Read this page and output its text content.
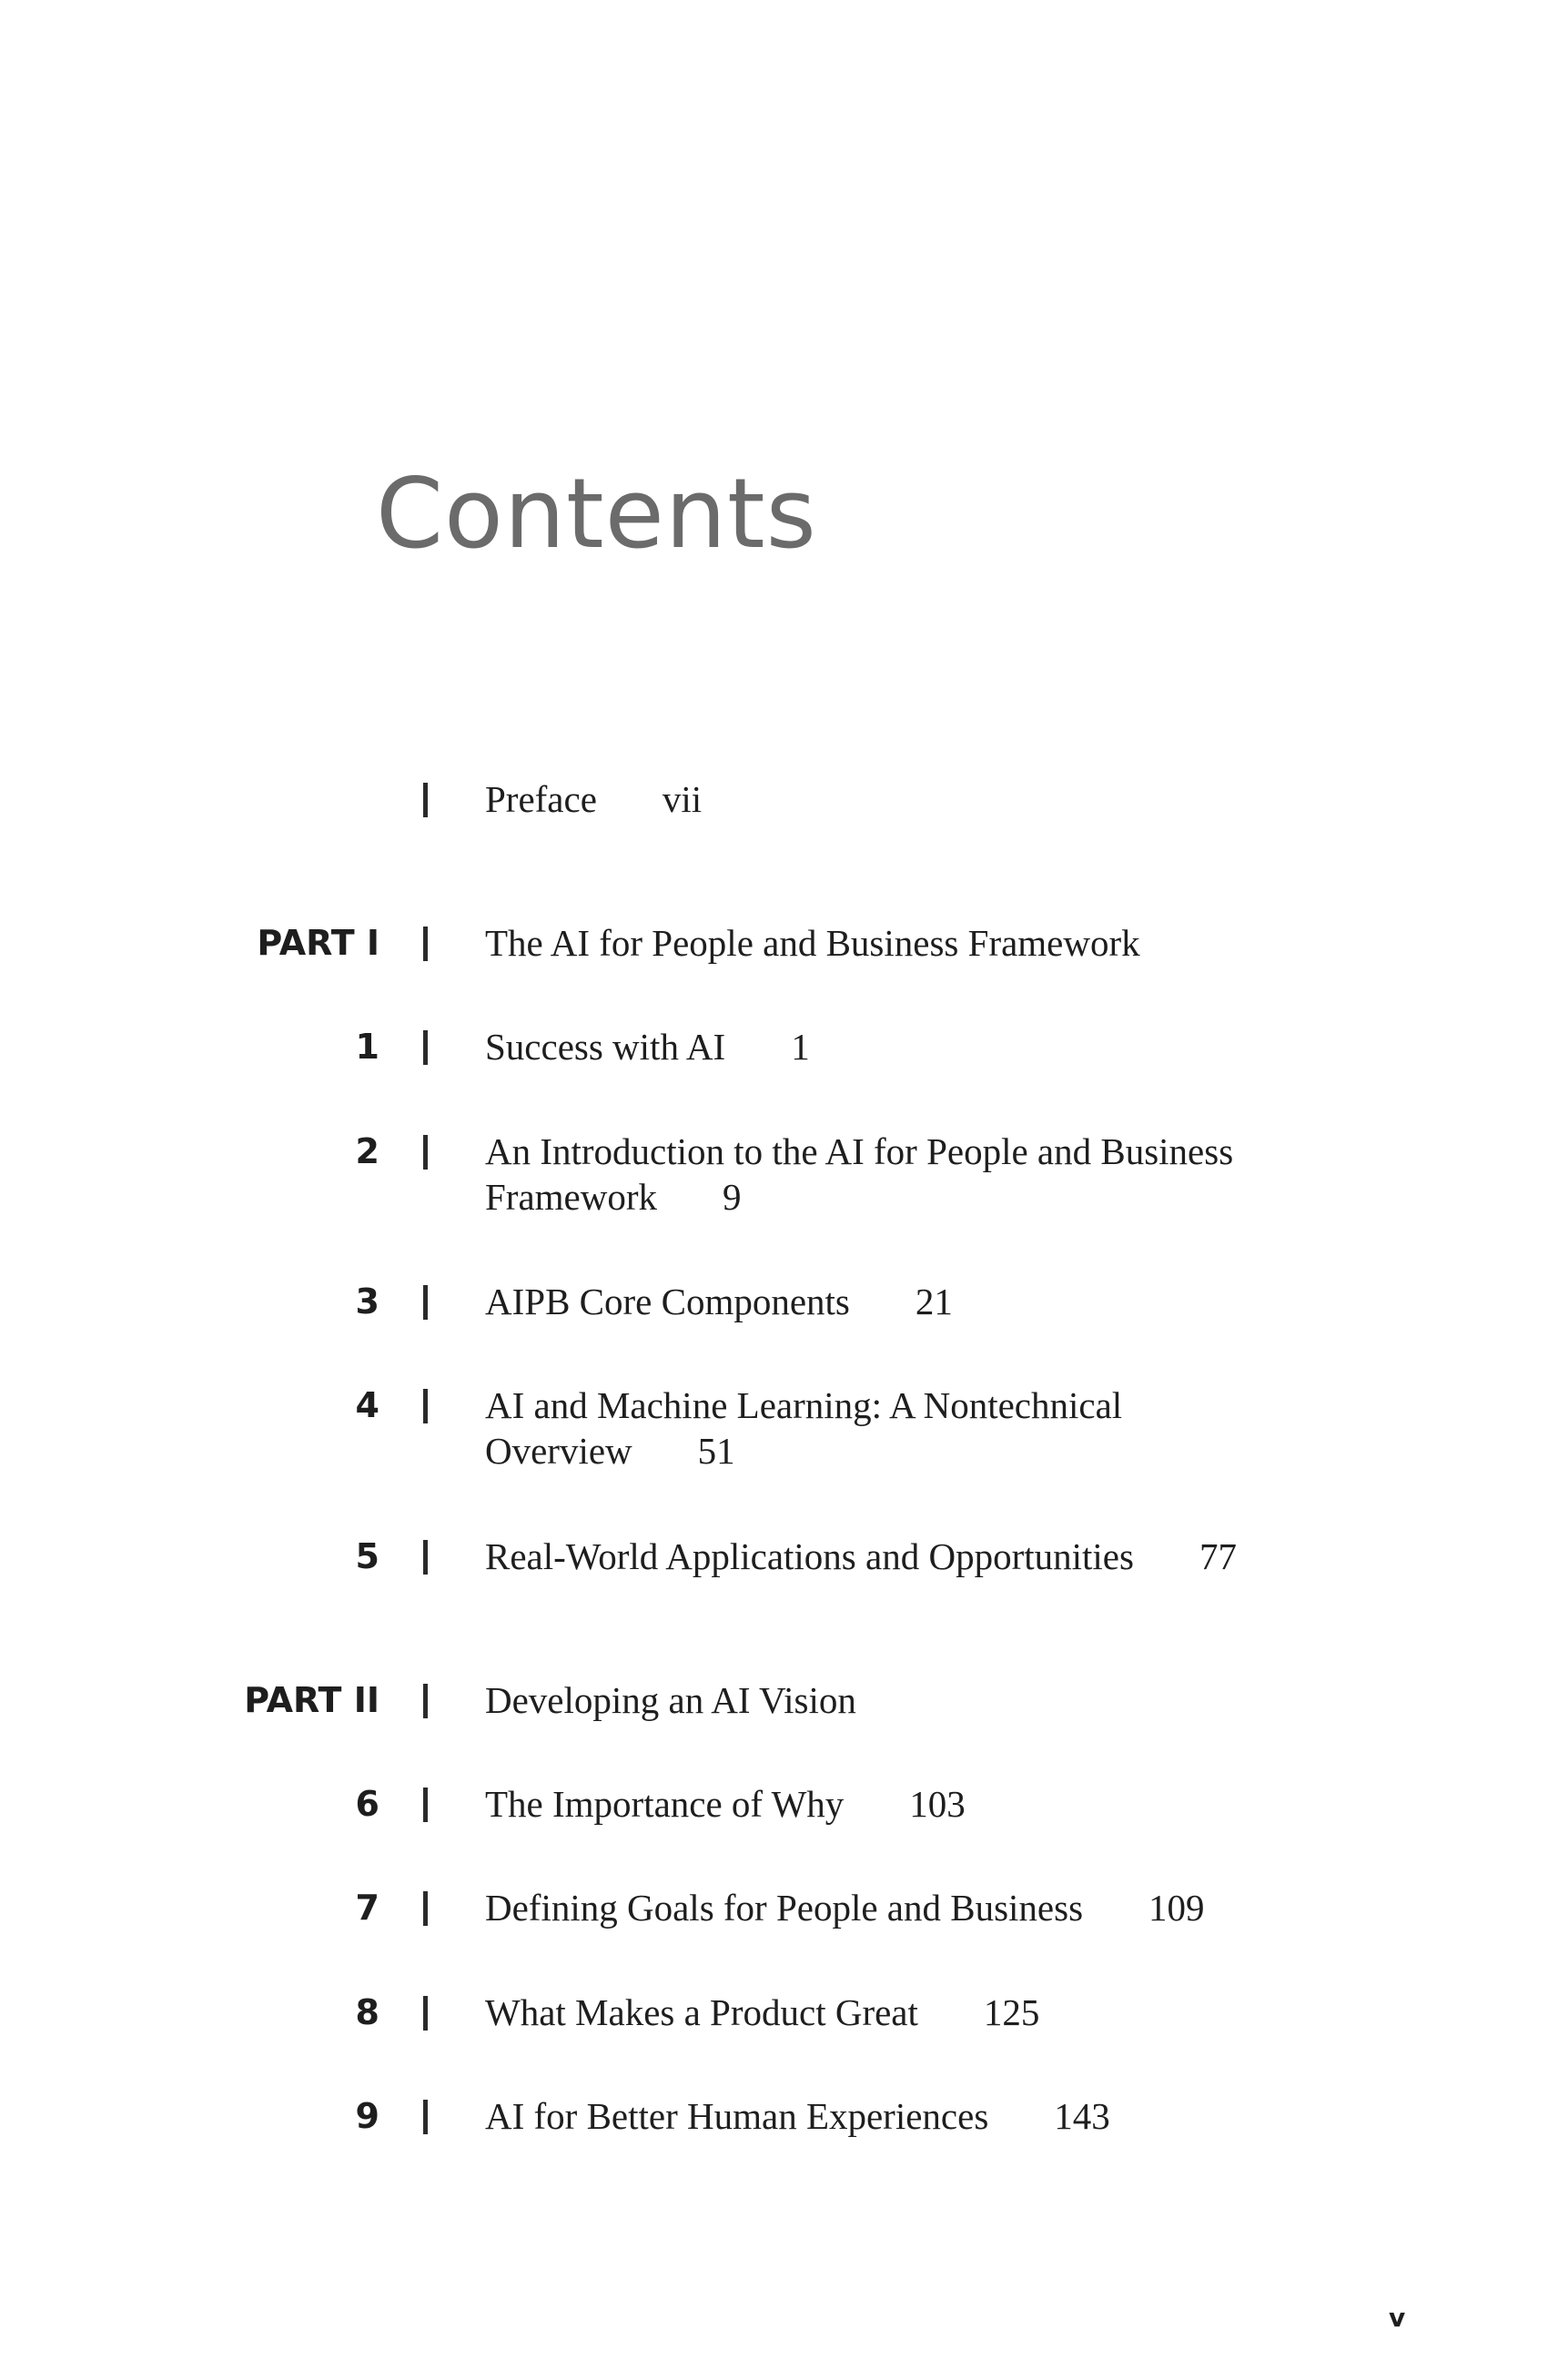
Contents
Preface vii
PART I	The AI for People and Business Framework
1	Success with AI 1
2	An Introduction to the AI for People and Business Framework 9
3	AIPB Core Components 21
4	AI and Machine Learning: A Nontechnical Overview 51
5	Real-World Applications and Opportunities 77
PART II	Developing an AI Vision
6	The Importance of Why 103
7	Defining Goals for People and Business 109
8	What Makes a Product Great 125
9	AI for Better Human Experiences 143
v
